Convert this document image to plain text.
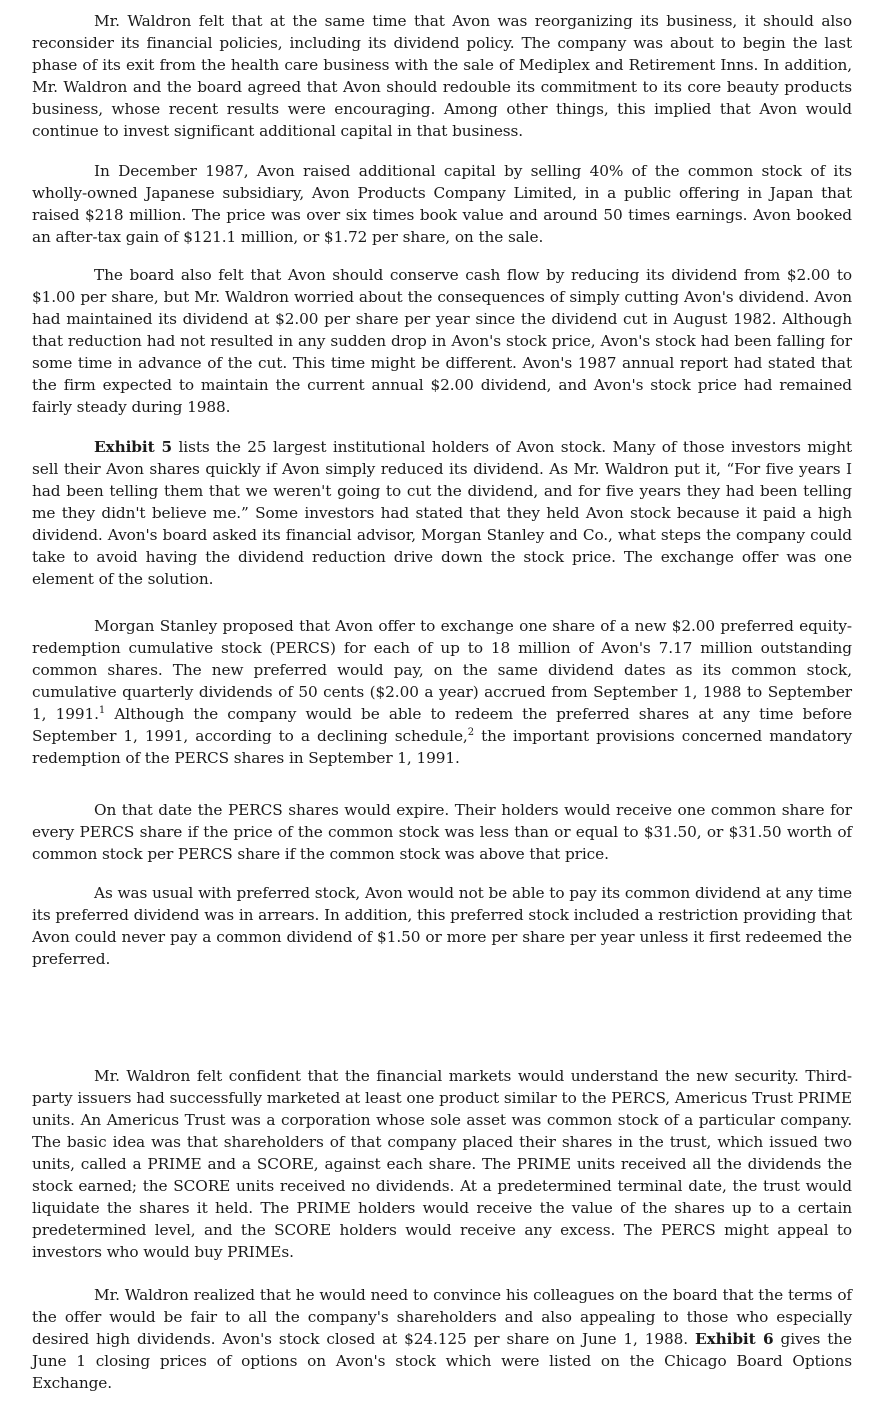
Mr. Waldron felt that at the same time that Avon was reorganizing its business, it should also reconsider its financial policies, including its dividend policy. The company was about to begin the last phase of its exit from the health care business with the sale of Mediplex and Retirement Inns. In addition, Mr. Waldron and the board agreed that Avon should redouble its commitment to its core beauty products business, whose recent results were encouraging. Among other things, this implied that Avon would continue to invest significant additional capital in that business.

In December 1987, Avon raised additional capital by selling 40% of the common stock of its wholly-owned Japanese subsidiary, Avon Products Company Limited, in a public offering in Japan that raised $218 million. The price was over six times book value and around 50 times earnings. Avon booked an after-tax gain of $121.1 million, or $1.72 per share, on the sale.

The board also felt that Avon should conserve cash flow by reducing its dividend from $2.00 to $1.00 per share, but Mr. Waldron worried about the consequences of simply cutting Avon's dividend. Avon had maintained its dividend at $2.00 per share per year since the dividend cut in August 1982. Although that reduction had not resulted in any sudden drop in Avon's stock price, Avon's stock had been falling for some time in advance of the cut. This time might be different. Avon's 1987 annual report had stated that the firm expected to maintain the current annual $2.00 dividend, and Avon's stock price had remained fairly steady during 1988.

Exhibit 5 lists the 25 largest institutional holders of Avon stock. Many of those investors might sell their Avon shares quickly if Avon simply reduced its dividend. As Mr. Waldron put it, “For five years I had been telling them that we weren't going to cut the dividend, and for five years they had been telling me they didn't believe me.” Some investors had stated that they held Avon stock because it paid a high dividend. Avon's board asked its financial advisor, Morgan Stanley and Co., what steps the company could take to avoid having the dividend reduction drive down the stock price. The exchange offer was one element of the solution.

Morgan Stanley proposed that Avon offer to exchange one share of a new $2.00 preferred equity-redemption cumulative stock (PERCS) for each of up to 18 million of Avon's 7.17 million outstanding common shares. The new preferred would pay, on the same dividend dates as its common stock, cumulative quarterly dividends of 50 cents ($2.00 a year) accrued from September 1, 1988 to September 1, 1991.$^1$ Although the company would be able to redeem the preferred shares at any time before September 1, 1991, according to a declining schedule,$^2$ the important provisions concerned mandatory redemption of the PERCS shares in September 1, 1991.

On that date the PERCS shares would expire. Their holders would receive one common share for every PERCS share if the price of the common stock was less than or equal to $31.50, or $31.50 worth of common stock per PERCS share if the common stock was above that price.

As was usual with preferred stock, Avon would not be able to pay its common dividend at any time its preferred dividend was in arrears. In addition, this preferred stock included a restriction providing that Avon could never pay a common dividend of $1.50 or more per share per year unless it first redeemed the preferred.

Mr. Waldron felt confident that the financial markets would understand the new security. Third-party issuers had successfully marketed at least one product similar to the PERCS, Americus Trust PRIME units. An Americus Trust was a corporation whose sole asset was common stock of a particular company. The basic idea was that shareholders of that company placed their shares in the trust, which issued two units, called a PRIME and a SCORE, against each share. The PRIME units received all the dividends the stock earned; the SCORE units received no dividends. At a predetermined terminal date, the trust would liquidate the shares it held. The PRIME holders would receive the value of the shares up to a certain predetermined level, and the SCORE holders would receive any excess. The PERCS might appeal to investors who would buy PRIMEs.

Mr. Waldron realized that he would need to convince his colleagues on the board that the terms of the offer would be fair to all the company's shareholders and also appealing to those who especially desired high dividends. Avon's stock closed at $24.125 per share on June 1, 1988. Exhibit 6 gives the June 1 closing prices of options on Avon's stock which were listed on the Chicago Board Options Exchange.
